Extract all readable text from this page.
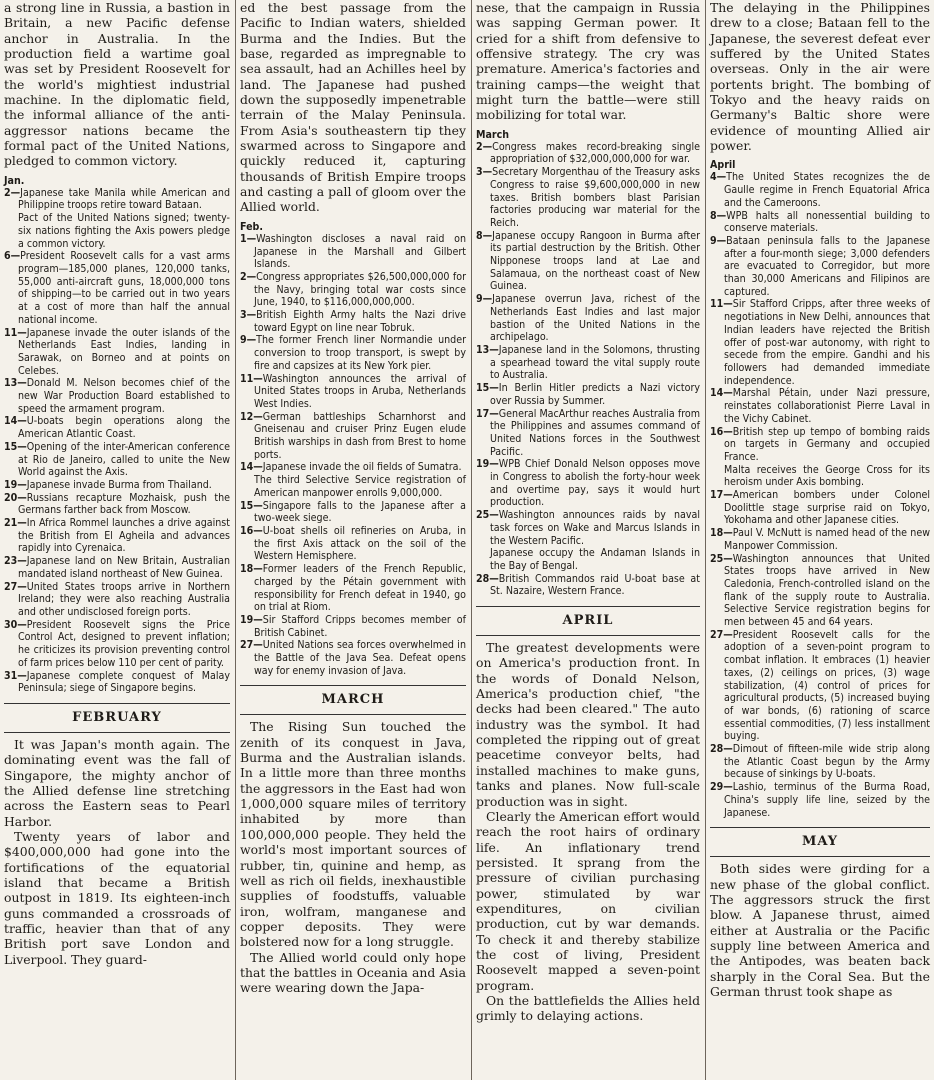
a strong line in Russia, a bastion in Britain, a new Pacific defense anchor in Australia. In the production field a wartime goal was set by President Roosevelt for the world's mightiest industrial machine. In the diplomatic field, the informal alliance of the anti-aggressor nations became the formal pact of the United Nations, pledged to common victory.

Jan.
2—Japanese take Manila while American and Philippine troops retire toward Bataan.
Pact of the United Nations signed; twenty-six nations fighting the Axis powers pledge a common victory.
6—President Roosevelt calls for a vast arms program—185,000 planes, 120,000 tanks, 55,000 anti-aircraft guns, 18,000,000 tons of shipping—to be carried out in two years at a cost of more than half the annual national income.
11—Japanese invade the outer islands of the Netherlands East Indies, landing in Sarawak, on Borneo and at points on Celebes.
13—Donald M. Nelson becomes chief of the new War Production Board established to speed the armament program.
14—U-boats begin operations along the American Atlantic Coast.
15—Opening of the inter-American conference at Rio de Janeiro, called to unite the New World against the Axis.
19—Japanese invade Burma from Thailand.
20—Russians recapture Mozhaisk, push the Germans farther back from Moscow.
21—In Africa Rommel launches a drive against the British from El Agheila and advances rapidly into Cyrenaica.
23—Japanese land on New Britain, Australian mandated island northeast of New Guinea.
27—United States troops arrive in Northern Ireland; they were also reaching Australia and other undisclosed foreign ports.
30—President Roosevelt signs the Price Control Act, designed to prevent inflation; he criticizes its provision preventing control of farm prices below 110 per cent of parity.
31—Japanese complete conquest of Malay Peninsula; siege of Singapore begins.
FEBRUARY

It was Japan's month again. The dominating event was the fall of Singapore, the mighty anchor of the Allied defense line stretching across the Eastern seas to Pearl Harbor.

Twenty years of labor and $400,000,000 had gone into the fortifications of the equatorial island that became a British outpost in 1819. Its eighteen-inch guns commanded a crossroads of traffic, heavier than that of any British port save London and Liverpool. They guard-

ed the best passage from the Pacific to Indian waters, shielded Burma and the Indies. But the base, regarded as impregnable to sea assault, had an Achilles heel by land. The Japanese had pushed down the supposedly impenetrable terrain of the Malay Peninsula. From Asia's southeastern tip they swarmed across to Singapore and quickly reduced it, capturing thousands of British Empire troops and casting a pall of gloom over the Allied world.

Feb.
1—Washington discloses a naval raid on Japanese in the Marshall and Gilbert Islands.
2—Congress appropriates $26,500,000,000 for the Navy, bringing total war costs since June, 1940, to $116,000,000,000.
3—British Eighth Army halts the Nazi drive toward Egypt on line near Tobruk.
9—The former French liner Normandie under conversion to troop transport, is swept by fire and capsizes at its New York pier.
11—Washington announces the arrival of United States troops in Aruba, Netherlands West Indies.
12—German battleships Scharnhorst and Gneisenau and cruiser Prinz Eugen elude British warships in dash from Brest to home ports.
14—Japanese invade the oil fields of Sumatra.
The third Selective Service registration of American manpower enrolls 9,000,000.
15—Singapore falls to the Japanese after a two-week siege.
16—U-boat shells oil refineries on Aruba, in the first Axis attack on the soil of the Western Hemisphere.
18—Former leaders of the French Republic, charged by the Pétain government with responsibility for French defeat in 1940, go on trial at Riom.
19—Sir Stafford Cripps becomes member of British Cabinet.
27—United Nations sea forces overwhelmed in the Battle of the Java Sea. Defeat opens way for enemy invasion of Java.
MARCH

The Rising Sun touched the zenith of its conquest in Java, Burma and the Australian islands. In a little more than three months the aggressors in the East had won 1,000,000 square miles of territory inhabited by more than 100,000,000 people. They held the world's most important sources of rubber, tin, quinine and hemp, as well as rich oil fields, inexhaustible supplies of foodstuffs, valuable iron, wolfram, manganese and copper deposits. They were bolstered now for a long struggle.

The Allied world could only hope that the battles in Oceania and Asia were wearing down the Japa-

nese, that the campaign in Russia was sapping German power. It cried for a shift from defensive to offensive strategy. The cry was premature. America's factories and training camps—the weight that might turn the battle—were still mobilizing for total war.

March
2—Congress makes record-breaking single appropriation of $32,000,000,000 for war.
3—Secretary Morgenthau of the Treasury asks Congress to raise $9,600,000,000 in new taxes. British bombers blast Parisian factories producing war material for the Reich.
8—Japanese occupy Rangoon in Burma after its partial destruction by the British. Other Nipponese troops land at Lae and Salamaua, on the northeast coast of New Guinea.
9—Japanese overrun Java, richest of the Netherlands East Indies and last major bastion of the United Nations in the archipelago.
13—Japanese land in the Solomons, thrusting a spearhead toward the vital supply route to Australia.
15—In Berlin Hitler predicts a Nazi victory over Russia by Summer.
17—General MacArthur reaches Australia from the Philippines and assumes command of United Nations forces in the Southwest Pacific.
19—WPB Chief Donald Nelson opposes move in Congress to abolish the forty-hour week and overtime pay, says it would hurt production.
25—Washington announces raids by naval task forces on Wake and Marcus Islands in the Western Pacific.
Japanese occupy the Andaman Islands in the Bay of Bengal.
28—British Commandos raid U-boat base at St. Nazaire, Western France.
APRIL

The greatest developments were on America's production front. In the words of Donald Nelson, America's production chief, "the decks had been cleared." The auto industry was the symbol. It had completed the ripping out of great peacetime conveyor belts, had installed machines to make guns, tanks and planes. Now full-scale production was in sight.

Clearly the American effort would reach the root hairs of ordinary life. An inflationary trend persisted. It sprang from the pressure of civilian purchasing power, stimulated by war expenditures, on civilian production, cut by war demands. To check it and thereby stabilize the cost of living, President Roosevelt mapped a seven-point program.

On the battlefields the Allies held grimly to delaying actions.

The delaying in the Philippines drew to a close; Bataan fell to the Japanese, the severest defeat ever suffered by the United States overseas. Only in the air were portents bright. The bombing of Tokyo and the heavy raids on Germany's Baltic shore were evidence of mounting Allied air power.

April
4—The United States recognizes the de Gaulle regime in French Equatorial Africa and the Cameroons.
8—WPB halts all nonessential building to conserve materials.
9—Bataan peninsula falls to the Japanese after a four-month siege; 3,000 defenders are evacuated to Corregidor, but more than 30,000 Americans and Filipinos are captured.
11—Sir Stafford Cripps, after three weeks of negotiations in New Delhi, announces that Indian leaders have rejected the British offer of post-war autonomy, with right to secede from the empire. Gandhi and his followers had demanded immediate independence.
14—Marshal Pétain, under Nazi pressure, reinstates collaborationist Pierre Laval in the Vichy Cabinet.
16—British step up tempo of bombing raids on targets in Germany and occupied France.
Malta receives the George Cross for its heroism under Axis bombing.
17—American bombers under Colonel Doolittle stage surprise raid on Tokyo, Yokohama and other Japanese cities.
18—Paul V. McNutt is named head of the new Manpower Commission.
25—Washington announces that United States troops have arrived in New Caledonia, French-controlled island on the flank of the supply route to Australia. Selective Service registration begins for men between 45 and 64 years.
27—President Roosevelt calls for the adoption of a seven-point program to combat inflation. It embraces (1) heavier taxes, (2) ceilings on prices, (3) wage stabilization, (4) control of prices for agricultural products, (5) increased buying of war bonds, (6) rationing of scarce essential commodities, (7) less installment buying.
28—Dimout of fifteen-mile wide strip along the Atlantic Coast begun by the Army because of sinkings by U-boats.
29—Lashio, terminus of the Burma Road, China's supply life line, seized by the Japanese.
MAY

Both sides were girding for a new phase of the global conflict. The aggressors struck the first blow. A Japanese thrust, aimed either at Australia or the Pacific supply line between America and the Antipodes, was beaten back sharply in the Coral Sea. But the German thrust took shape as
